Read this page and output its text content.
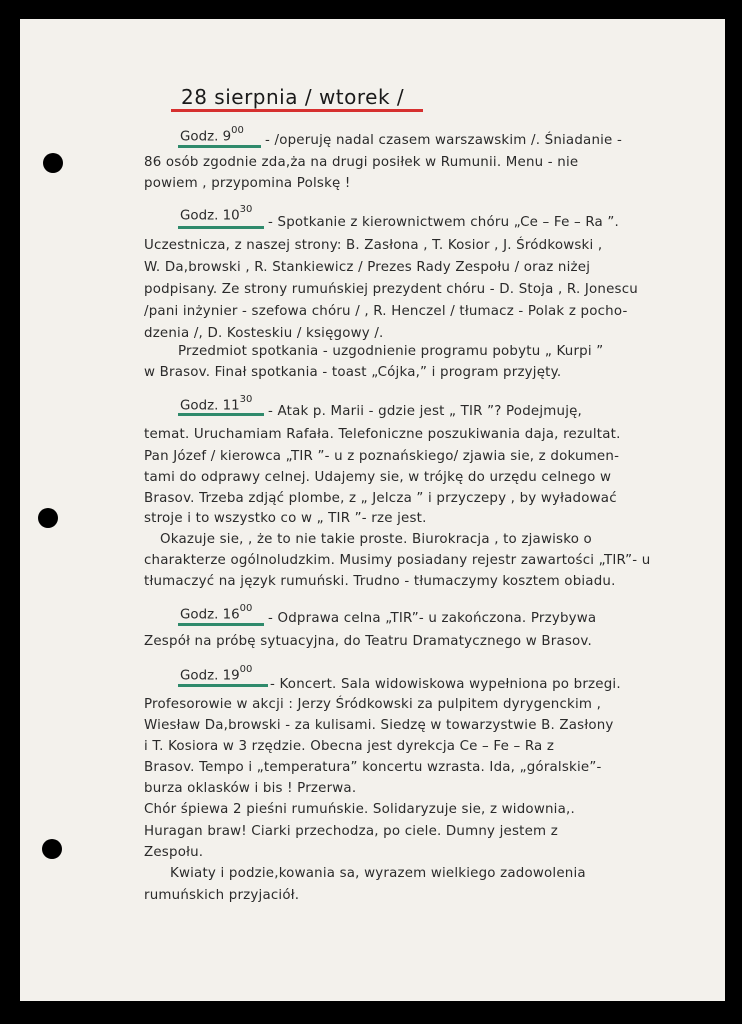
28 sierpnia / wtorek /
Godz. $9^{00}$
- /operuję nadal czasem warszawskim /. Śniadanie -
86 osób zgodnie zda,ża na drugi posiłek w Rumunii. Menu - nie
powiem , przypomina Polskę !
Godz. $10^{30}$
- Spotkanie z kierownictwem chóru „Ce – Fe – Ra ”.
Uczestnicza, z naszej strony: B. Zasłona , T. Kosior , J. Śródkowski ,
W. Da,browski , R. Stankiewicz / Prezes Rady Zespołu / oraz niżej
podpisany. Ze strony rumuńskiej prezydent chóru - D. Stoja , R. Jonescu
/pani inżynier - szefowa chóru / , R. Henczel / tłumacz - Polak z pocho-
dzenia /, D. Kosteskiu / księgowy /.
Przedmiot spotkania - uzgodnienie programu pobytu „ Kurpi ”
w Brasov. Finał spotkania - toast „Cójka,” i program przyjęty.
Godz. $11^{30}$
- Atak p. Marii - gdzie jest „ TIR ”? Podejmuję,
temat. Uruchamiam Rafała. Telefoniczne poszukiwania daja, rezultat.
Pan Józef / kierowca „TIR ”- u z poznańskiego/ zjawia sie, z dokumen-
tami do odprawy celnej. Udajemy sie, w trójkę do urzędu celnego w
Brasov. Trzeba zdjąć plombe, z „ Jelcza ” i przyczepy , by wyładować
stroje i to wszystko co w „ TIR ”- rze jest.
Okazuje sie, , że to nie takie proste. Biurokracja , to zjawisko o
charakterze ogólnoludzkim. Musimy posiadany rejestr zawartości „TIR”- u
tłumaczyć na język rumuński. Trudno - tłumaczymy kosztem obiadu.
Godz. $16^{00}$
- Odprawa celna „TIR”- u zakończona. Przybywa
Zespół na próbę sytuacyjna, do Teatru Dramatycznego w Brasov.
Godz. $19^{00}$
- Koncert. Sala widowiskowa wypełniona po brzegi.
Profesorowie w akcji : Jerzy Śródkowski za pulpitem dyrygenckim ,
Wiesław Da,browski - za kulisami. Siedzę w towarzystwie B. Zasłony
i T. Kosiora w 3 rzędzie. Obecna jest dyrekcja Ce – Fe – Ra z
Brasov. Tempo i „temperatura” koncertu wzrasta. Ida, „góralskie”-
burza oklasków i bis ! Przerwa.
Chór śpiewa 2 pieśni rumuńskie. Solidaryzuje sie, z widownia,.
Huragan braw! Ciarki przechodza, po ciele. Dumny jestem z
Zespołu.
Kwiaty i podzie,kowania sa, wyrazem wielkiego zadowolenia
rumuńskich przyjaciół.
